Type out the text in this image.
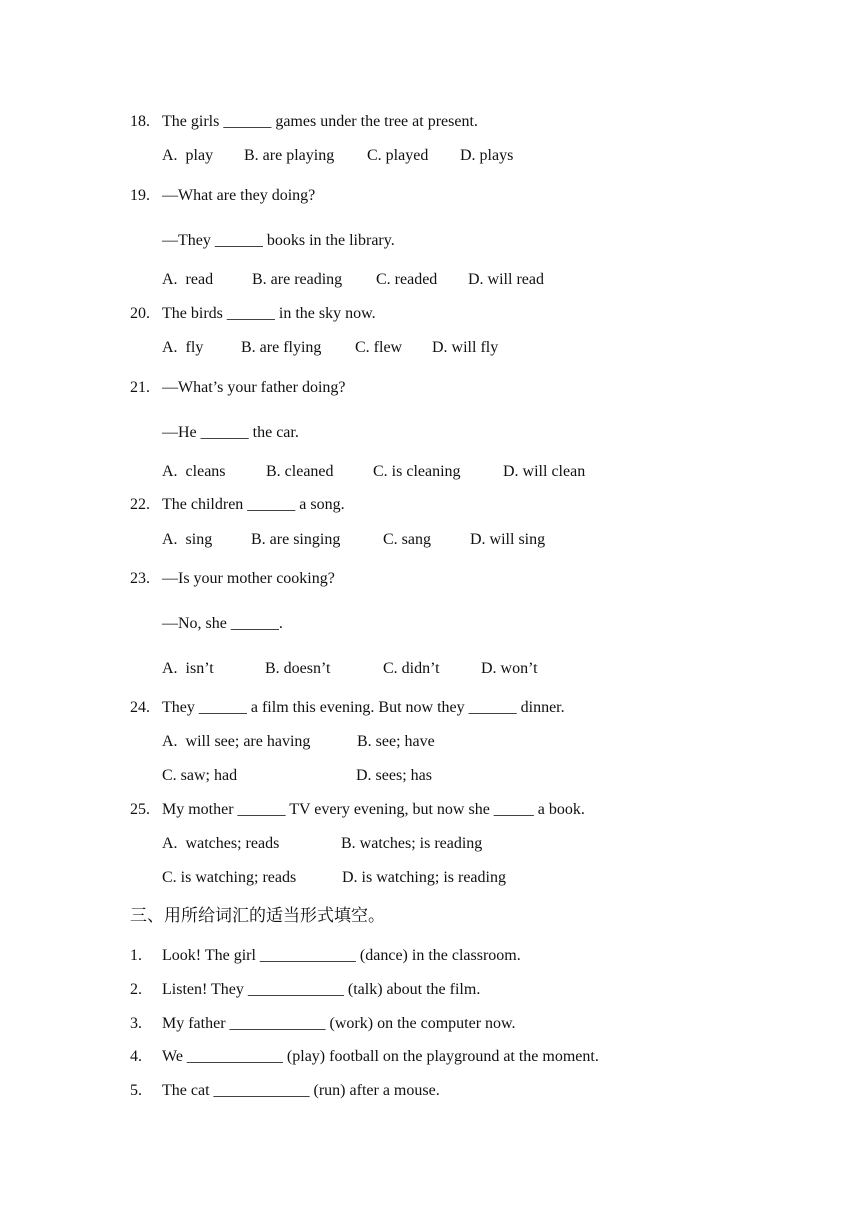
18. The girls ______ games under the tree at present.
A.  play B. are playing C. played D. plays
19. —What are they doing?
—They ______ books in the library.
A.  read B. are reading C. readed D. will read
20. The birds ______ in the sky now.
A.  fly B. are flying C. flew D. will fly
21. —What’s your father doing?
—He ______ the car.
A.  cleans	B. cleaned C. is cleaning	D. will clean
22. The children ______ a song.
A.  sing B. are singing	C. sang D. will sing
23. —Is your mother cooking?
—No, she ______.
A.  isn’t	B. doesn’t	C. didn’t	D. won’t
24. They ______ a film this evening. But now they ______ dinner.
A.  will see; are having	B. see; have
C. saw; had	D. sees; has
25. My mother ______ TV every evening, but now she _____ a book.
A.  watches; reads	B. watches; is reading
C. is watching; reads	D. is watching; is reading
三、用所给词汇的适当形式填空。
1. Look! The girl ____________ (dance) in the classroom.
2. Listen! They ____________ (talk) about the film.
3. My father ____________ (work) on the computer now.
4. We ____________ (play) football on the playground at the moment.
5. The cat ____________ (run) after a mouse.
